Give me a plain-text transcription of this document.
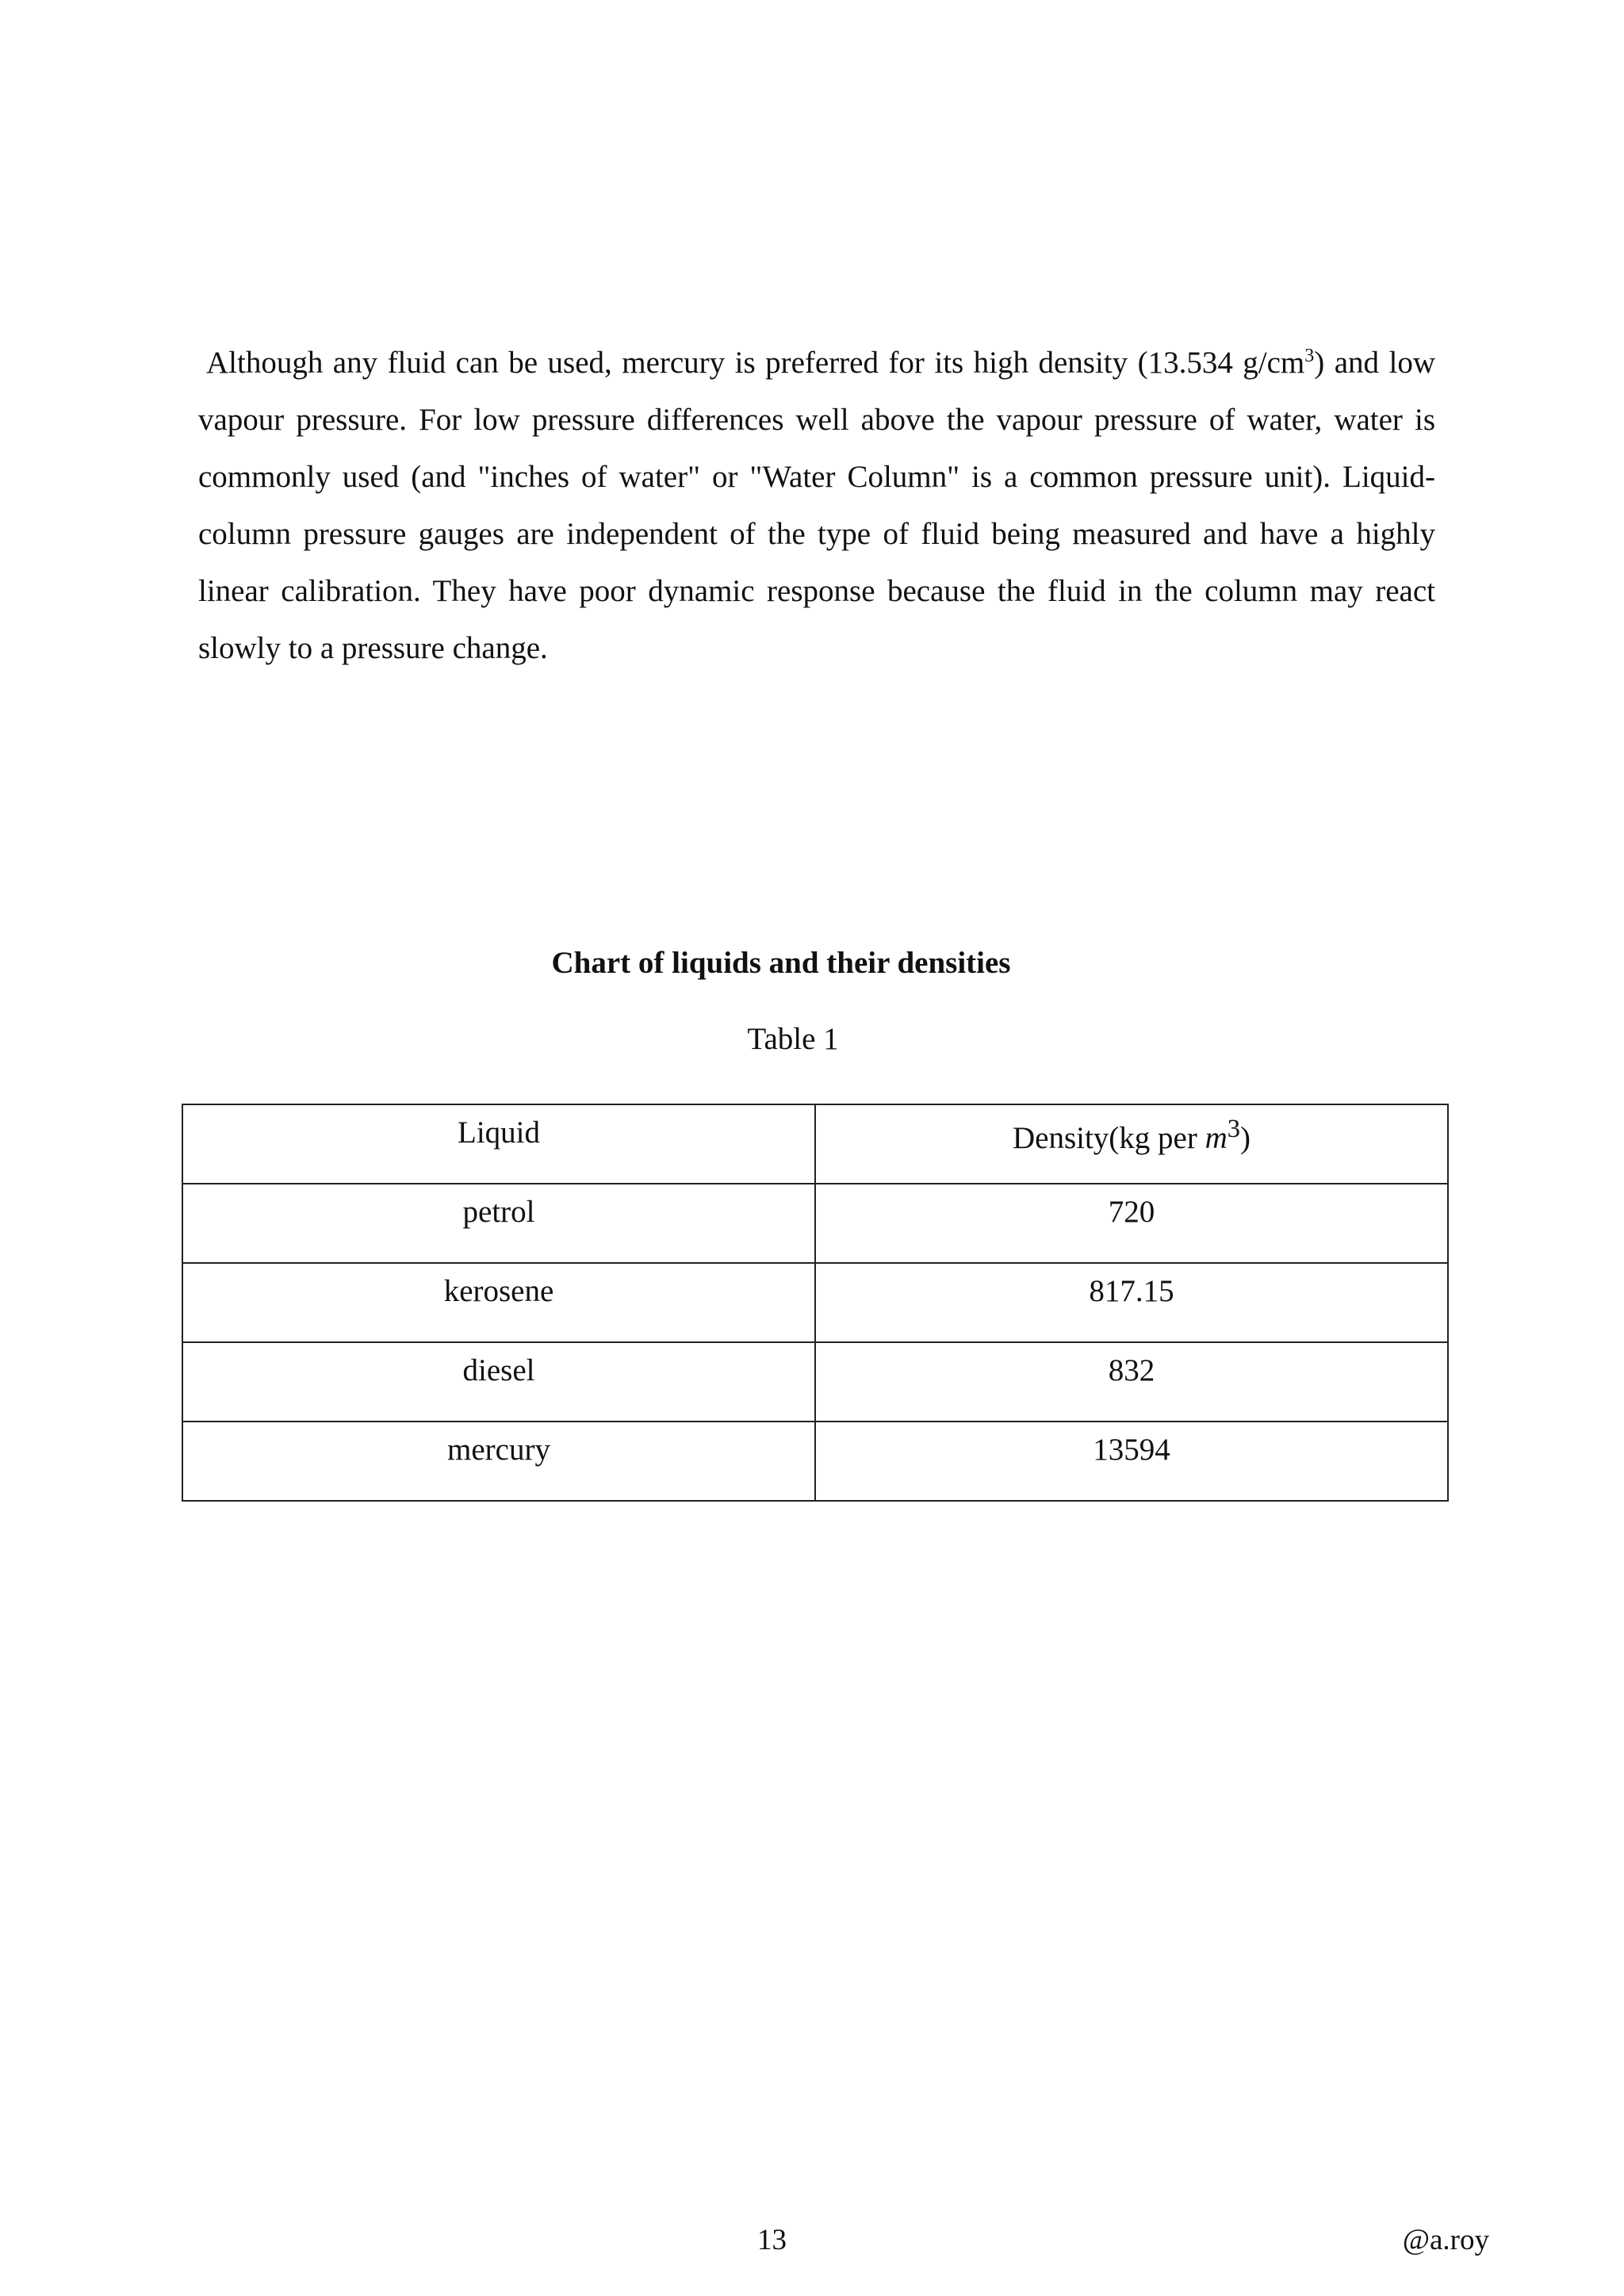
Although any fluid can be used, mercury is preferred for its high density (13.534 $g/cm^3$) and low vapour pressure. For low pressure differences well above the vapour pressure of water, water is commonly used (and "inches of water" or "Water Column" is a common pressure unit). Liquid-column pressure gauges are independent of the type of fluid being measured and have a highly linear calibration. They have poor dynamic response because the fluid in the column may react slowly to a pressure change.

Chart of liquids and their densities

Table 1

Liquid	Density(kg per $m^3$)
petrol	720
kerosene	817.15
diesel	832
mercury	13594

13	@a.roy
